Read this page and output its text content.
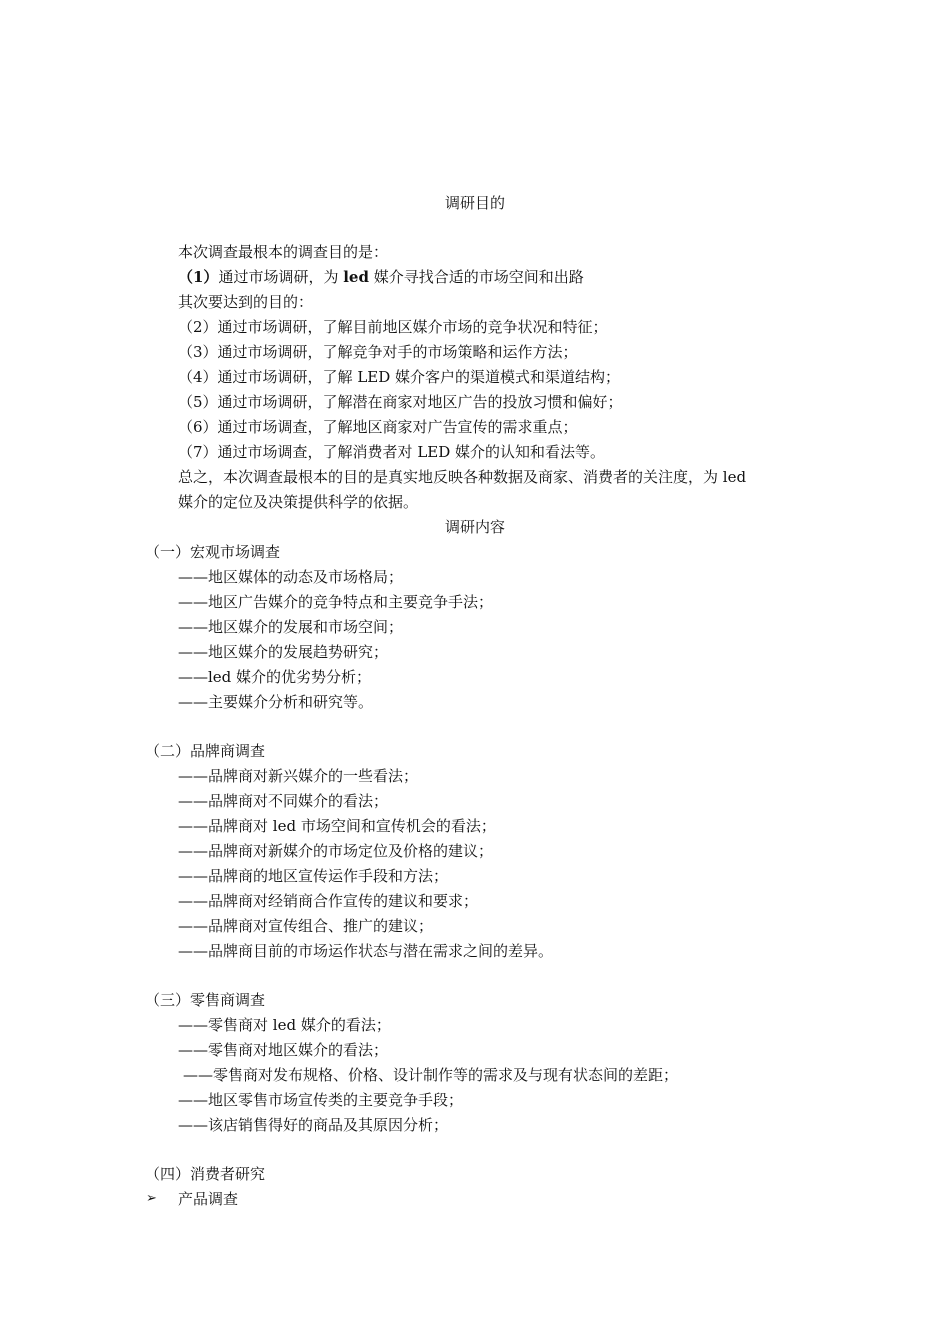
调研目的
本次调查最根本的调查目的是：
（1）通过市场调研，为 led 媒介寻找合适的市场空间和出路
其次要达到的目的：
（2）通过市场调研，了解目前地区媒介市场的竞争状况和特征；
（3）通过市场调研，了解竞争对手的市场策略和运作方法；
（4）通过市场调研，了解 LED 媒介客户的渠道模式和渠道结构；
（5）通过市场调研，了解潜在商家对地区广告的投放习惯和偏好；
（6）通过市场调查，了解地区商家对广告宣传的需求重点；
（7）通过市场调查，了解消费者对 LED 媒介的认知和看法等。
总之，本次调查最根本的目的是真实地反映各种数据及商家、消费者的关注度，为 led
媒介的定位及决策提供科学的依据。
调研内容
（一）宏观市场调查
——地区媒体的动态及市场格局；
——地区广告媒介的竞争特点和主要竞争手法；
——地区媒介的发展和市场空间；
——地区媒介的发展趋势研究；
——led 媒介的优劣势分析；
——主要媒介分析和研究等。
（二）品牌商调查
——品牌商对新兴媒介的一些看法；
——品牌商对不同媒介的看法；
——品牌商对 led 市场空间和宣传机会的看法；
——品牌商对新媒介的市场定位及价格的建议；
——品牌商的地区宣传运作手段和方法；
——品牌商对经销商合作宣传的建议和要求；
——品牌商对宣传组合、推广的建议；
——品牌商目前的市场运作状态与潜在需求之间的差异。
（三）零售商调查
——零售商对 led 媒介的看法；
——零售商对地区媒介的看法；
——零售商对发布规格、价格、设计制作等的需求及与现有状态间的差距；
——地区零售市场宣传类的主要竞争手段；
——该店销售得好的商品及其原因分析；
（四）消费者研究
➢ 产品调查
